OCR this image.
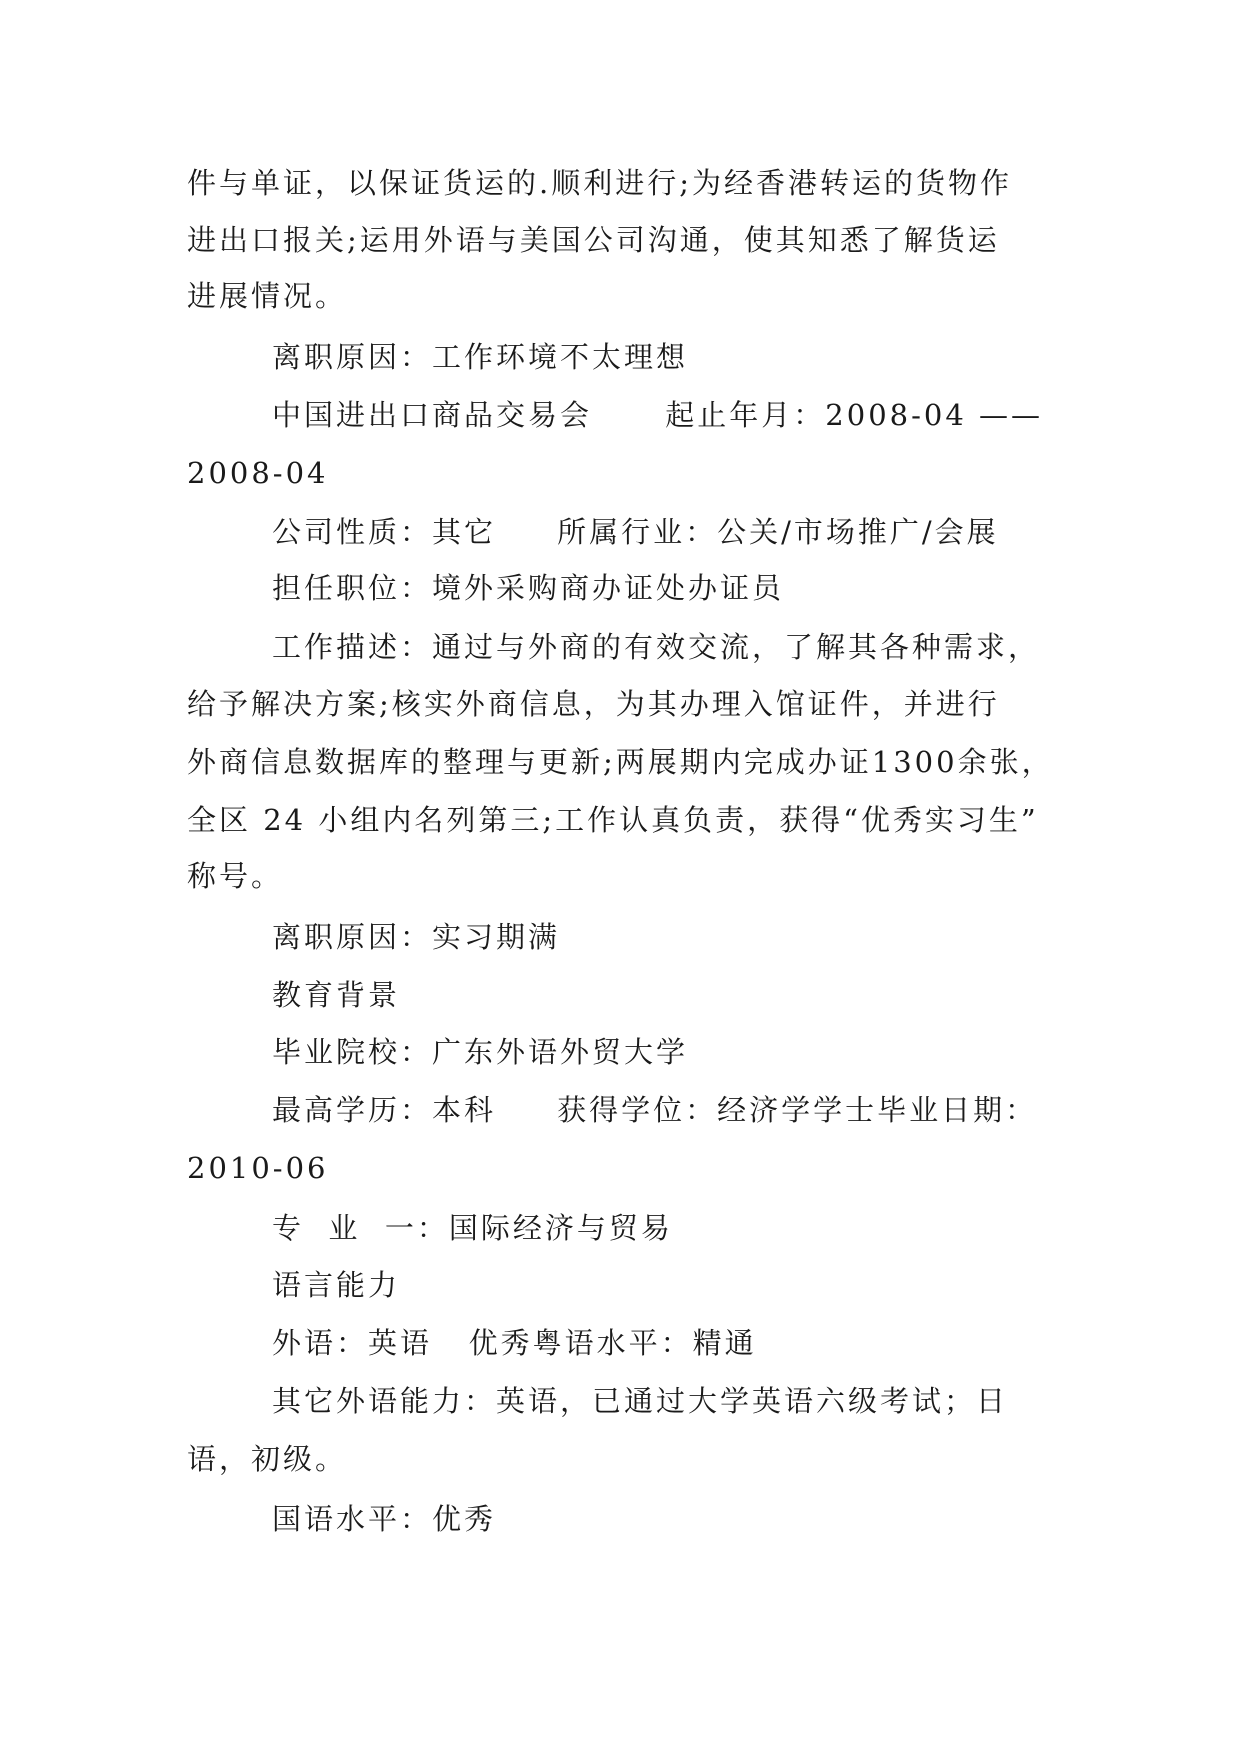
件与单证，以保证货运的.顺利进行;为经香港转运的货物作
进出口报关;运用外语与美国公司沟通，使其知悉了解货运
进展情况。
离职原因：工作环境不太理想
中国进出口商品交易会      起止年月：2008-04 ——
2008-04
公司性质：其它     所属行业：公关/市场推广/会展
担任职位：境外采购商办证处办证员
工作描述：通过与外商的有效交流，了解其各种需求，
给予解决方案;核实外商信息，为其办理入馆证件，并进行
外商信息数据库的整理与更新;两展期内完成办证1300余张，
全区 24 小组内名列第三;工作认真负责，获得“优秀实习生”
称号。
离职原因：实习期满
教育背景
毕业院校：广东外语外贸大学
最高学历：本科     获得学位：经济学学士毕业日期：
2010-06
专  业  一：国际经济与贸易
语言能力
外语：英语   优秀粤语水平：精通
其它外语能力：英语，已通过大学英语六级考试；日
语，初级。
国语水平：优秀
